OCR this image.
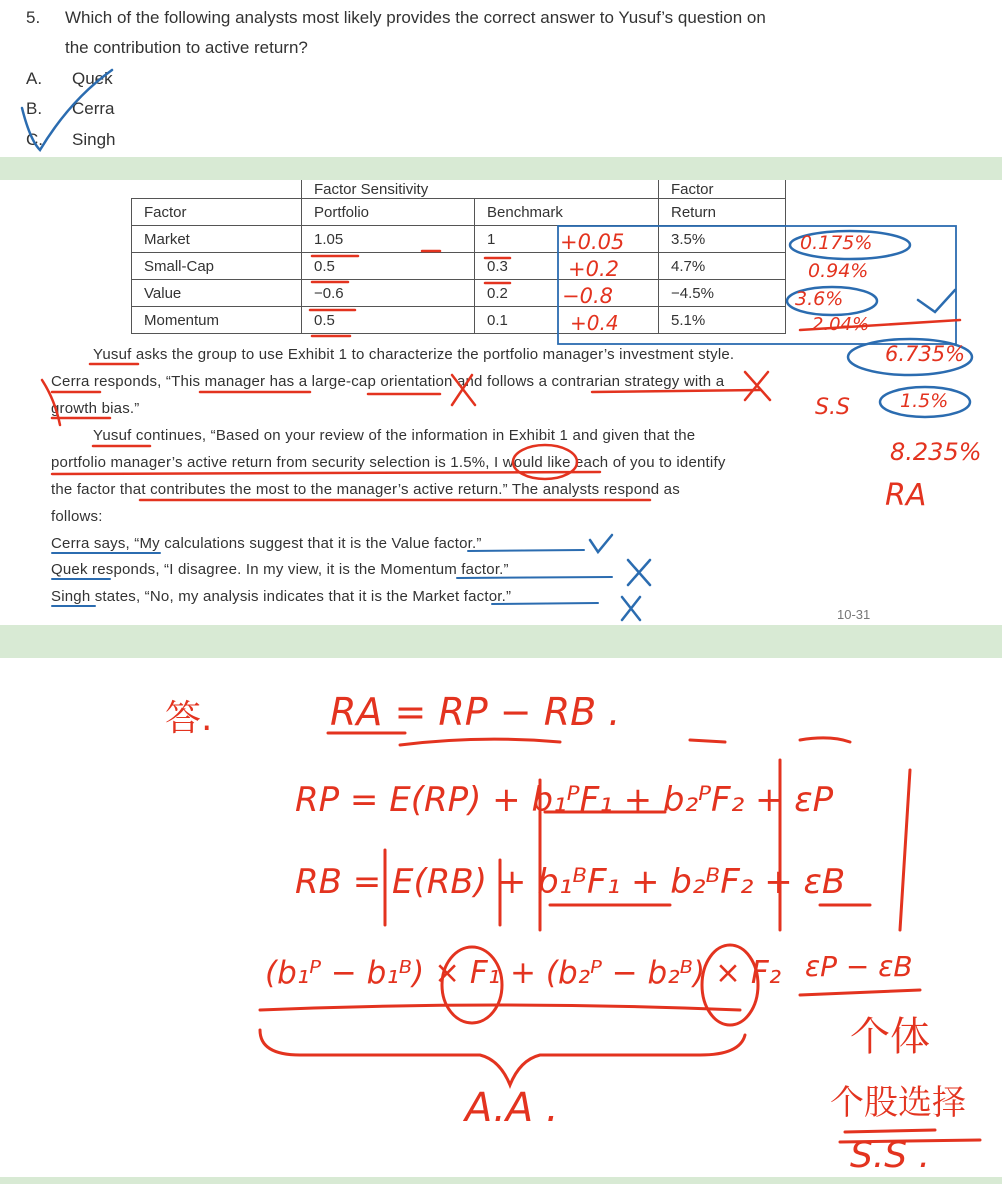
5. Which of the following analysts most likely provides the correct answer to Yusuf’s question on
the contribution to active return?
A. Quek
B. Cerra
C. Singh
	Factor Sensitivity		Factor
Factor	Portfolio	Benchmark	Return
Market	1.05	1	3.5%
Small-Cap	0.5	0.3	4.7%
Value	−0.6	0.2	−4.5%
Momentum	0.5	0.1	5.1%
Yusuf asks the group to use Exhibit 1 to characterize the portfolio manager’s investment style.
Cerra responds, “This manager has a large-cap orientation and follows a contrarian strategy with a
growth bias.”
Yusuf continues, “Based on your review of the information in Exhibit 1 and given that the
portfolio manager’s active return from security selection is 1.5%, I would like each of you to identify
the factor that contributes the most to the manager’s active return.” The analysts respond as
follows:
Cerra says, “My calculations suggest that it is the Value factor.”
Quek responds, “I disagree. In my view, it is the Momentum factor.”
Singh states, “No, my analysis indicates that it is the Market factor.”
10-31
+0.05
+0.2
−0.8
+0.4
0.175%
0.94%
3.6%
2.04%
6.735%
S.S	1.5%
8.235%
RA
答.	RA = RP − RB .
RP = E(RP) + b₁ᴾF₁ + b₂ᴾF₂ + εP
RB = E(RB) + b₁ᴮF₁ + b₂ᴮF₂ + εB
(b₁ᴾ − b₁ᴮ) × F₁ + (b₂ᴾ − b₂ᴮ) × F₂ εP − εB
A.A .
个体
个股选择
S.S .
